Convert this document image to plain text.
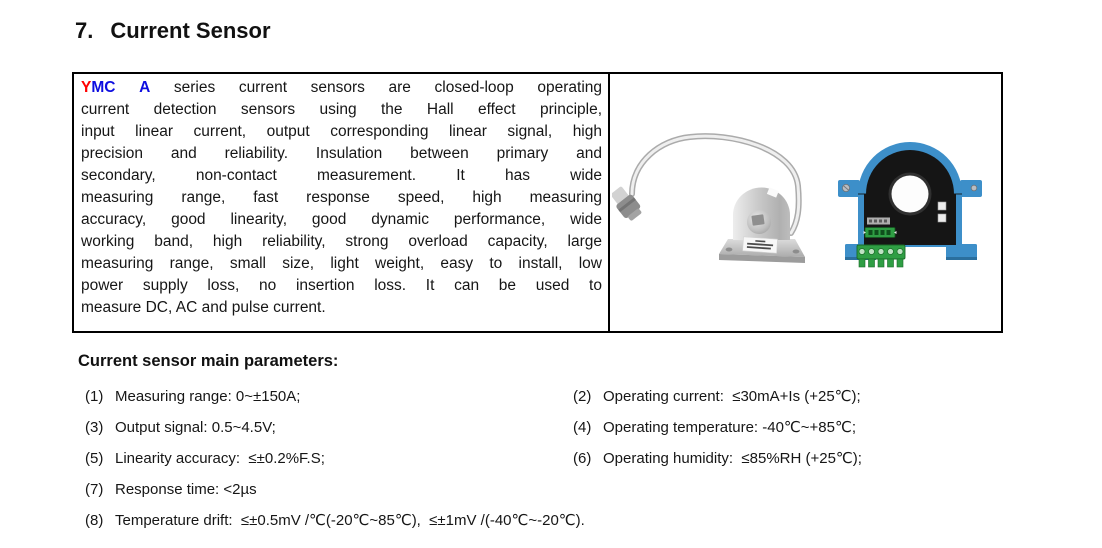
7. Current Sensor
YMC A series current sensors are closed-loop operating
current detection sensors using the Hall effect principle,
input linear current, output corresponding linear signal, high
precision and reliability. Insulation between primary and
secondary, non-contact measurement. It has wide
measuring range, fast response speed, high measuring
accuracy, good linearity, good dynamic performance, wide
working band, high reliability, strong overload capacity, large
measuring range, small size, light weight, easy to install, low
power supply loss, no insertion loss. It can be used to
measure DC, AC and pulse current.
Current sensor main parameters:
(1) Measuring range: 0~±150A;	(2) Operating current:  ≤30mA+Is (+25℃);
(3) Output signal: 0.5~4.5V;	(4) Operating temperature: -40℃~+85℃;
(5) Linearity accuracy:  ≤±0.2%F.S;	(6) Operating humidity:  ≤85%RH (+25℃);
(7) Response time: <2µs
(8) Temperature drift:  ≤±0.5mV /℃(-20℃~85℃),  ≤±1mV /(-40℃~-20℃).
